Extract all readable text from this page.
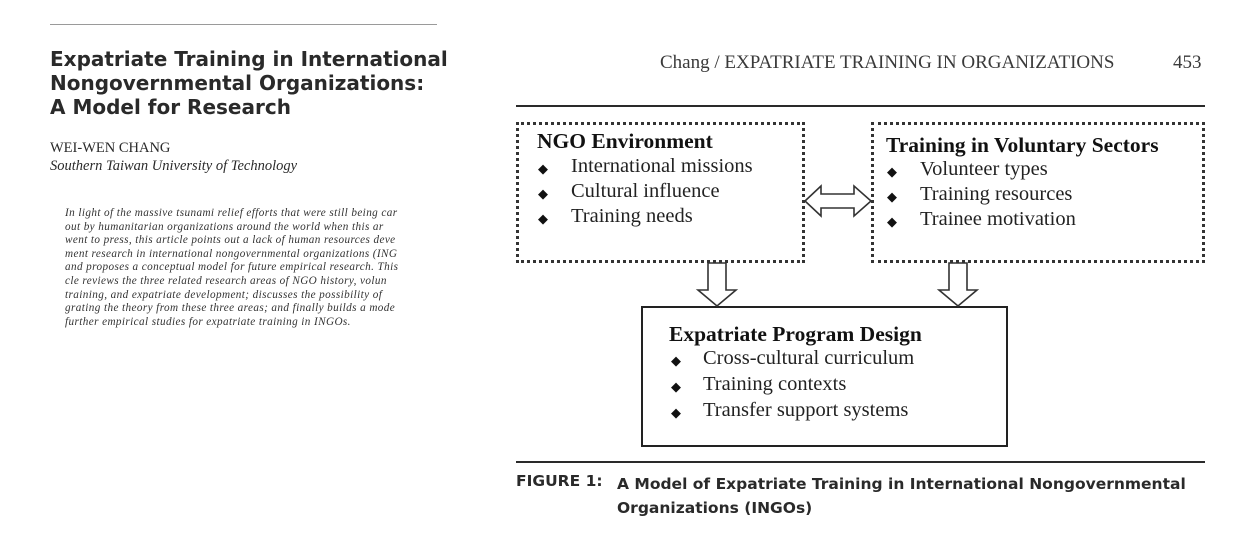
Expatriate Training in International
Nongovernmental Organizations:
A Model for Research
WEI-WEN CHANG
Southern Taiwan University of Technology
In light of the massive tsunami relief efforts that were still being car
out by humanitarian organizations around the world when this ar
went to press, this article points out a lack of human resources deve
ment research in international nongovernmental organizations (ING
and proposes a conceptual model for future empirical research. This
cle reviews the three related research areas of NGO history, volun
training, and expatriate development; discusses the possibility of
grating the theory from these three areas; and finally builds a mode
further empirical studies for expatriate training in INGOs.
Chang / EXPATRIATE TRAINING IN ORGANIZATIONS	453
NGO Environment
◆ International missions
◆ Cultural influence
◆ Training needs
Training in Voluntary Sectors
◆ Volunteer types
◆ Training resources
◆ Trainee motivation
Expatriate Program Design
◆ Cross-cultural curriculum
◆ Training contexts
◆ Transfer support systems
FIGURE 1: A Model of Expatriate Training in International Nongovernmental
Organizations (INGOs)
